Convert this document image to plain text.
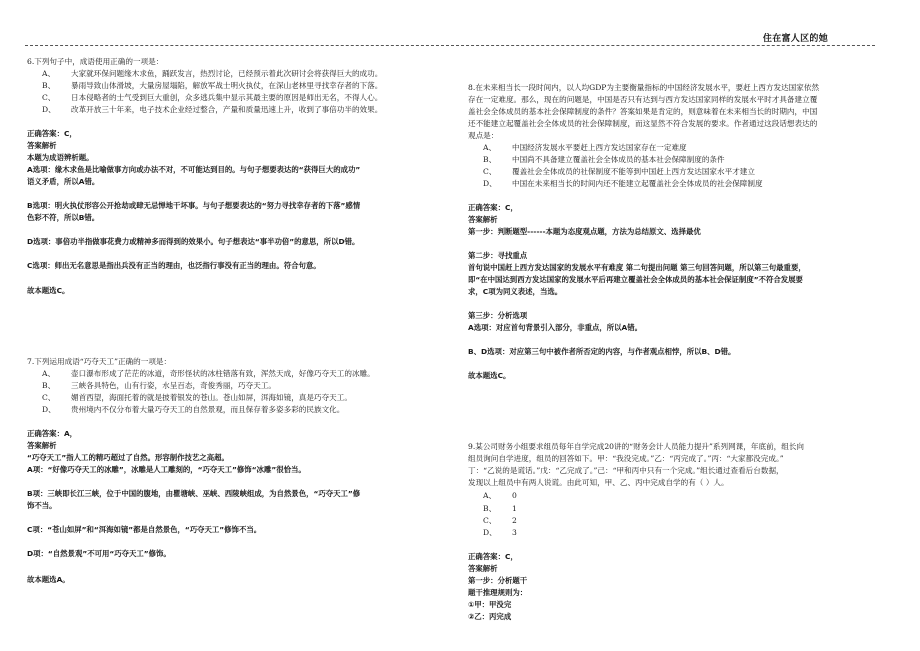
住在富人区的她

6.下列句子中，成语使用正确的一项是：

A、 大家就环保问题缘木求鱼，踊跃发言，热烈讨论，已经预示着此次研讨会将获得巨大的成功。

B、 暴雨导致山体滑坡，大量房屋塌陷，解放军战士明火执仗，在深山老林里寻找幸存者的下落。

C、 日本侵略者的士气受到巨大重创，众多逃兵集中显示其最主要的原因是师出无名，不得人心。

D、 改革开放三十年来，电子技术企业经过整合，产量和质量迅速上升，收到了事倍功半的效果。

正确答案：C，

答案解析

本题为成语辨析题。

A选项：缘木求鱼是比喻做事方向或办法不对，不可能达到目的。与句子想要表达的“获得巨大的成功”

语义矛盾，所以A错。

B选项：明火执仗形容公开抢劫或肆无忌惮地干坏事。与句子想要表达的“努力寻找幸存者的下落”感情

色彩不符，所以B错。

D选项：事倍功半指做事花费力或精神多而得到的效果小。句子想表达“事半功倍”的意思，所以D错。

C选项：师出无名意思是指出兵没有正当的理由，也泛指行事没有正当的理由。符合句意。

故本题选C。

7.下列运用成语“巧夺天工”正确的一项是：

A、 壶口瀑布形成了茫茫的冰道，奇形怪状的冰柱错落有致，浑然天成，好像巧夺天工的冰雕。

B、 三峡各具特色，山有行姿，水呈百态，奇俊秀丽，巧夺天工。

C、 媚首西望，海面托着的就是披着银发的苍山。苍山如屏，洱海如镜，真是巧夺天工。

D、 贵州境内不仅分布着大量巧夺天工的自然景观，而且保存着多姿多彩的民族文化。

正确答案：A，

答案解析

“巧夺天工”指人工的精巧超过了自然。形容制作技艺之高超。

A项：“好像巧夺天工的冰雕”，冰雕是人工雕刻的，“巧夺天工”修饰“冰雕”很恰当。

B项：三峡即长江三峡，位于中国的腹地，由瞿塘峡、巫峡、西陵峡组成，为自然景色，“巧夺天工”修

饰不当。

C项：“苍山如屏”和“洱海如镜”都是自然景色，“巧夺天工”修饰不当。

D项：“自然景观”不可用“巧夺天工”修饰。

故本题选A。

8.在未来相当长一段时间内，以人均GDP为主要衡量指标的中国经济发展水平，要赶上西方发达国家依然

存在一定难度。那么，现在的问题是，中国是否只有达到与西方发达国家同样的发展水平时才具备建立覆

盖社会全体成员的基本社会保障制度的条件？答案如果是肯定的，则意味着在未来相当长的时期内，中国

还不能建立起覆盖社会全体成员的社会保障制度，而这显然不符合发展的要求。作者通过这段话想表达的

观点是：

A、 中国经济发展水平要赶上西方发达国家存在一定难度

B、 中国尚不具备建立覆盖社会全体成员的基本社会保障制度的条件

C、 覆盖社会全体成员的社保制度不能等到中国赶上西方发达国家水平才建立

D、 中国在未来相当长的时间内还不能建立起覆盖社会全体成员的社会保障制度

正确答案：C，

答案解析

第一步：判断题型------本题为态度观点题，方法为总结原文、选择最优

第二步：寻找重点

首句说中国赶上西方发达国家的发展水平有难度 第二句提出问题 第三句回答问题，所以第三句最重要，

即“在中国达到西方发达国家的发展水平后再建立覆盖社会全体成员的基本社会保证制度”不符合发展要

求，C项为同义表述，当选。

第三步：分析选项

A选项：对应首句背景引入部分，非重点，所以A错。

B、D选项：对应第三句中被作者所否定的内容，与作者观点相悖，所以B、D错。

故本题选C。

9.某公司财务小组要求组员每年自学完成20讲的“财务会计人员能力提升”系列网课，年底前，组长向

组员询问自学进度，组员的回答如下。甲：“我没完成。”乙：“丙完成了。”丙：“大家都没完成。”

丁：“乙说的是谎话。”戊：“乙完成了。”己：“甲和丙中只有一个完成。”组长通过查看后台数据，

发现以上组员中有两人说谎。由此可知，甲、乙、丙中完成自学的有（ ）人。

A、 0

B、 1

C、 2

D、 3

正确答案：C，

答案解析

第一步：分析题干

题干推理规则为：

①甲：甲没完

②乙：丙完成
